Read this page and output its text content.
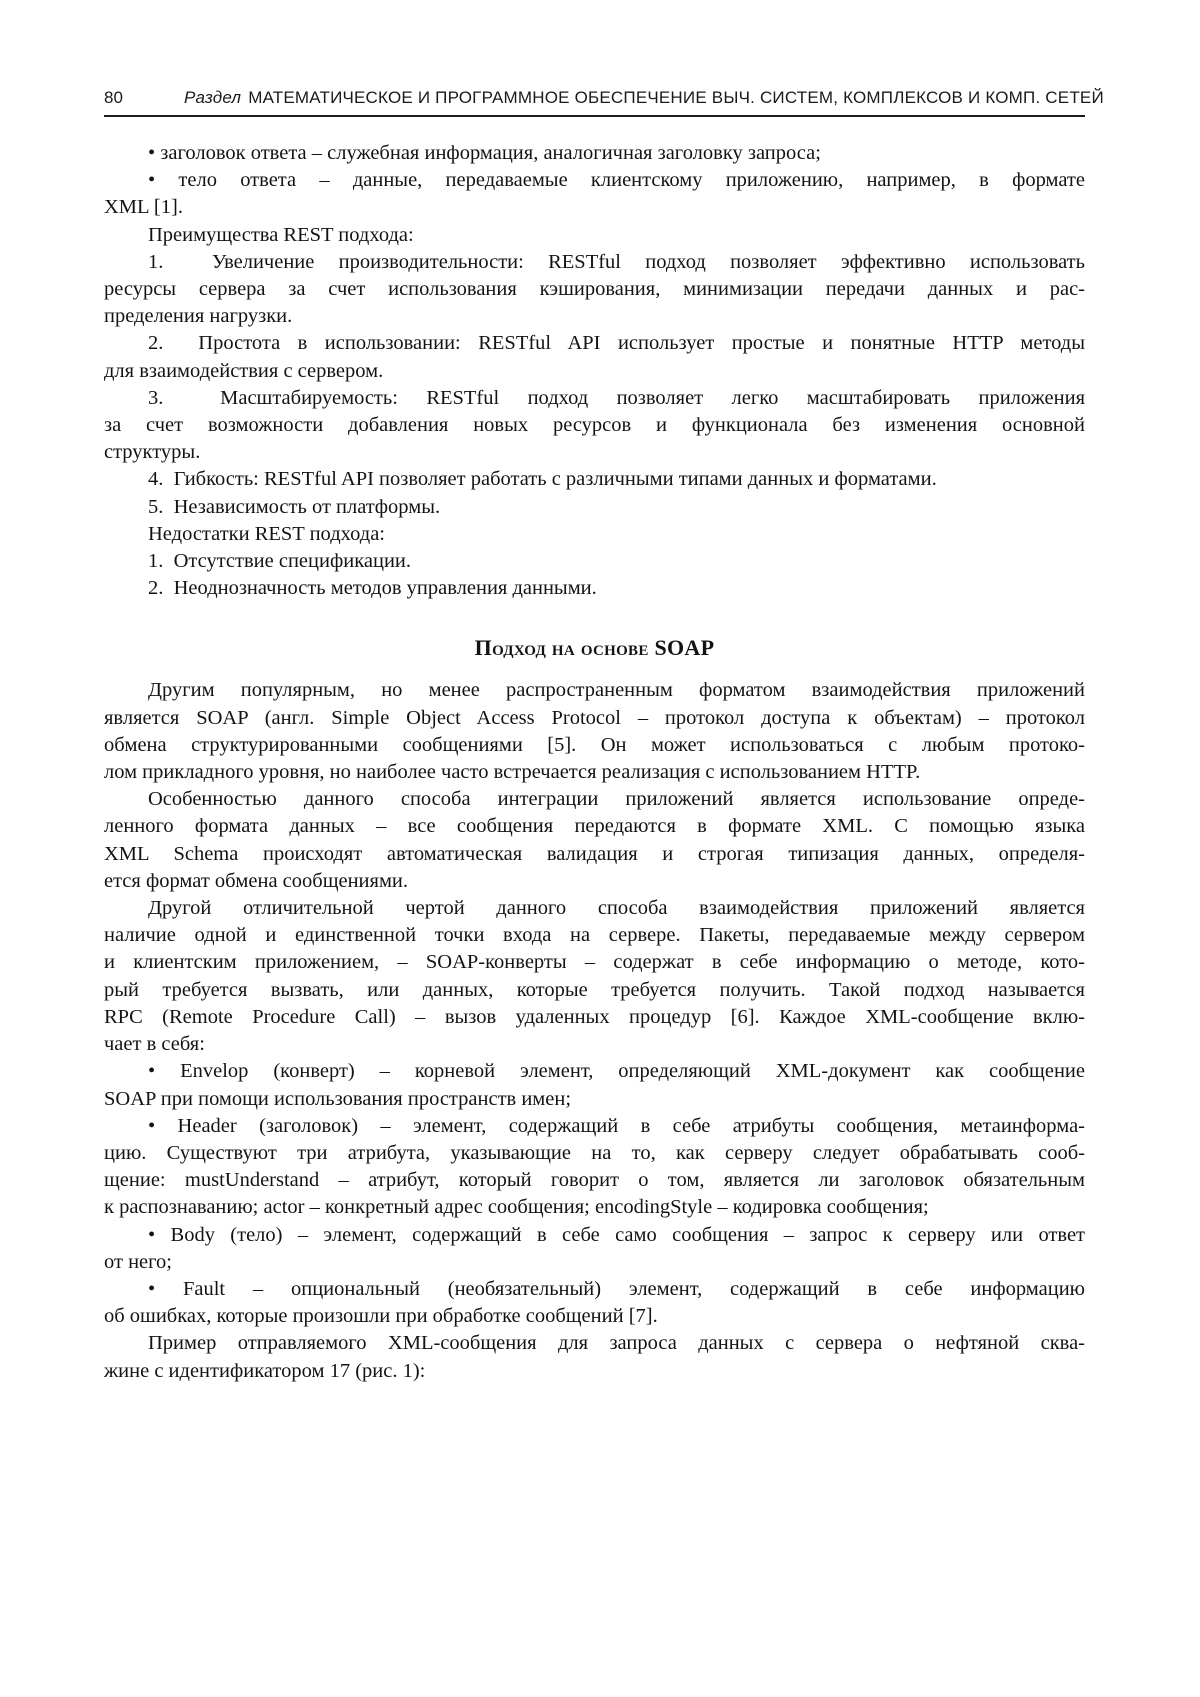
80	Раздел МАТЕМАТИЧЕСКОЕ И ПРОГРАММНОЕ ОБЕСПЕЧЕНИЕ ВЫЧ. СИСТЕМ, КОМПЛЕКСОВ И КОМП. СЕТЕЙ
• заголовок ответа – служебная информация, аналогичная заголовку запроса;
• тело ответа – данные, передаваемые клиентскому приложению, например, в формате
XML [1].
Преимущества REST подхода:
1.  Увеличение производительности: RESTful подход позволяет эффективно использовать
ресурсы сервера за счет использования кэширования, минимизации передачи данных и рас-
пределения нагрузки.
2.  Простота в использовании: RESTful API использует простые и понятные HTTP методы
для взаимодействия с сервером.
3.  Масштабируемость: RESTful подход позволяет легко масштабировать приложения
за счет возможности добавления новых ресурсов и функционала без изменения основной
структуры.
4.  Гибкость: RESTful API позволяет работать с различными типами данных и форматами.
5.  Независимость от платформы.
Недостатки REST подхода:
1.  Отсутствие спецификации.
2.  Неоднозначность методов управления данными.
Подход на основе SOAP
Другим популярным, но менее распространенным форматом взаимодействия приложений
является SOAP (англ. Simple Object Access Protocol – протокол доступа к объектам) – протокол
обмена структурированными сообщениями [5]. Он может использоваться с любым протоко-
лом прикладного уровня, но наиболее часто встречается реализация с использованием HTTP.
Особенностью данного способа интеграции приложений является использование опреде-
ленного формата данных – все сообщения передаются в формате XML. С помощью языка
XML Schema происходят автоматическая валидация и строгая типизация данных, определя-
ется формат обмена сообщениями.
Другой отличительной чертой данного способа взаимодействия приложений является
наличие одной и единственной точки входа на сервере. Пакеты, передаваемые между сервером
и клиентским приложением, – SOAP-конверты – содержат в себе информацию о методе, кото-
рый требуется вызвать, или данных, которые требуется получить. Такой подход называется
RPC (Remote Procedure Call) – вызов удаленных процедур [6]. Каждое XML-сообщение вклю-
чает в себя:
• Envelop (конверт) – корневой элемент, определяющий XML-документ как сообщение
SOAP при помощи использования пространств имен;
• Header (заголовок) – элемент, содержащий в себе атрибуты сообщения, метаинформа-
цию. Существуют три атрибута, указывающие на то, как серверу следует обрабатывать сооб-
щение: mustUnderstand – атрибут, который говорит о том, является ли заголовок обязательным
к распознаванию; actor – конкретный адрес сообщения; encodingStyle – кодировка сообщения;
• Body (тело) – элемент, содержащий в себе само сообщения – запрос к серверу или ответ
от него;
• Fault – опциональный (необязательный) элемент, содержащий в себе информацию
об ошибках, которые произошли при обработке сообщений [7].
Пример отправляемого XML-сообщения для запроса данных с сервера о нефтяной сква-
жине с идентификатором 17 (рис. 1):
